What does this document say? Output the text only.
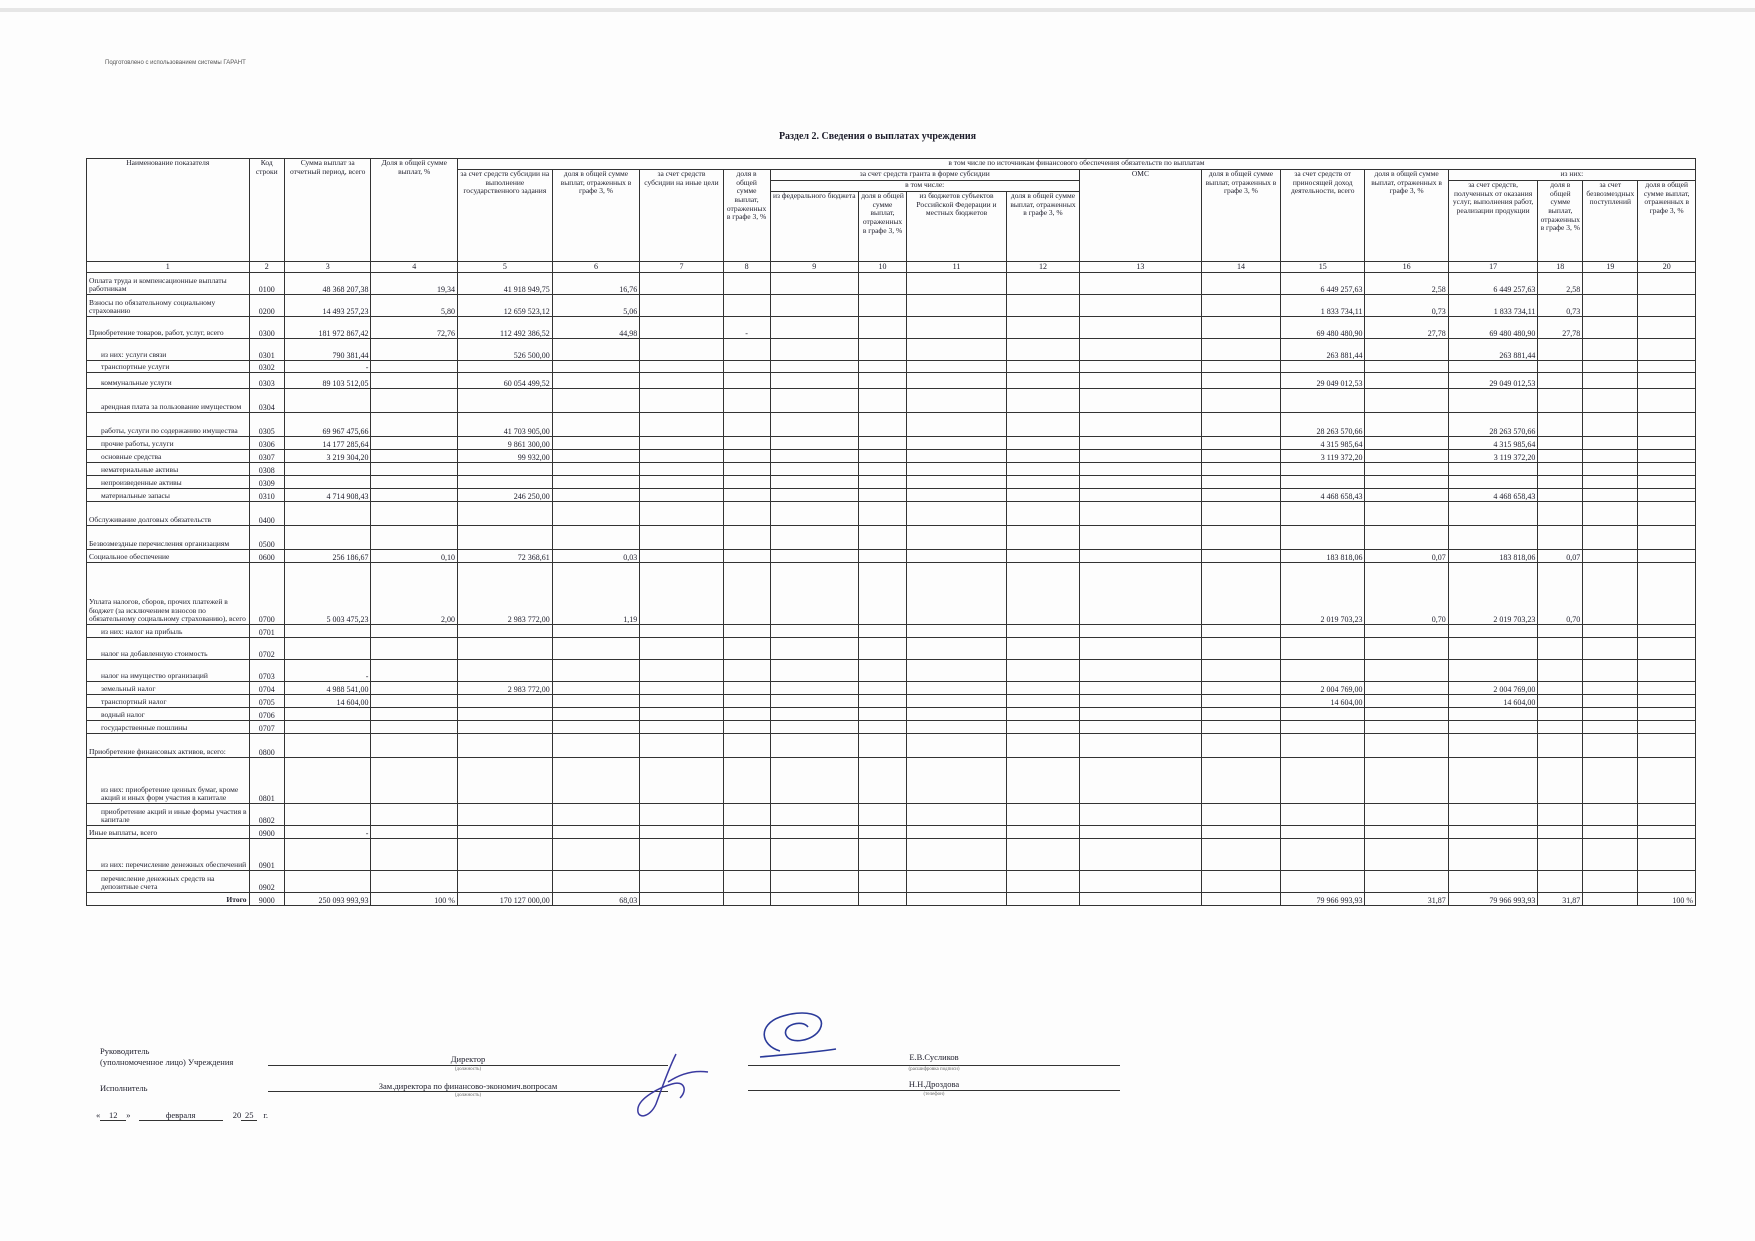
Подготовлено с использованием системы ГАРАНТ
Раздел 2. Сведения о выплатах учреждения
Наименование показателя	Код строки	Сумма выплат за отчетный период, всего	Доля в общей сумме выплат, %	в том числе по источникам финансового обеспечения обязательств по выплатам															
				за счет средств субсидии на выполнение государственного задания	доля в общей сумме выплат, отраженных в графе 3, %	за счет средств субсидии на иные цели	доля в общей сумме выплат, отраженных в графе 3, %	за счет средств гранта в форме субсидии				ОМС	доля в общей сумме выплат, отраженных в графе 3, %	за счет средств от приносящей доход деятельности, всего	доля в общей сумме выплат, отраженных в графе 3, %	из них:			
								в том числе:								за счет средств, полученных от оказания услуг, выполнения работ, реализации продукции	доля в общей сумме выплат, отраженных в графе 3, %	за счет безвозмездных поступлений	доля в общей сумме выплат, отраженных в графе 3, %
								из федерального бюджета	доля в общей сумме выплат, отраженных в графе 3, %	из бюджетов субъектов Российской Федерации и местных бюджетов	доля в общей сумме выплат, отраженных в графе 3, %								
1	2	3	4	5	6	7	8	9	10	11	12	13	14	15	16	17	18	19	20
Оплата труда и компенсационные выплаты работникам	0100	48 368 207,38	19,34	41 918 949,75	16,76									6 449 257,63	2,58	6 449 257,63	2,58		
Взносы по обязательному социальному страхованию	0200	14 493 257,23	5,80	12 659 523,12	5,06									1 833 734,11	0,73	1 833 734,11	0,73		
Приобретение товаров, работ, услуг, всего	0300	181 972 867,42	72,76	112 492 386,52	44,98		-							69 480 480,90	27,78	69 480 480,90	27,78		
из них: услуги связи	0301	790 381,44		526 500,00										263 881,44		263 881,44			
транспортные услуги	0302	-																	
коммунальные услуги	0303	89 103 512,05		60 054 499,52										29 049 012,53		29 049 012,53			
арендная плата за пользование имуществом	0304																		
работы, услуги по содержанию имущества	0305	69 967 475,66		41 703 905,00										28 263 570,66		28 263 570,66			
прочие работы, услуги	0306	14 177 285,64		9 861 300,00										4 315 985,64		4 315 985,64			
основные средства	0307	3 219 304,20		99 932,00										3 119 372,20		3 119 372,20			
нематериальные активы	0308																		
непроизведенные активы	0309																		
материальные запасы	0310	4 714 908,43		246 250,00										4 468 658,43		4 468 658,43			
Обслуживание долговых обязательств	0400																		
Безвозмездные перечисления организациям	0500																		
Социальное обеспечение	0600	256 186,67	0,10	72 368,61	0,03									183 818,06	0,07	183 818,06	0,07		
Уплата налогов, сборов, прочих платежей в бюджет (за исключением взносов по обязательному социальному страхованию), всего	0700	5 003 475,23	2,00	2 983 772,00	1,19									2 019 703,23	0,70	2 019 703,23	0,70		
из них: налог на прибыль	0701																		
налог на добавленную стоимость	0702																		
налог на имущество организаций	0703	-																	
земельный налог	0704	4 988 541,00		2 983 772,00										2 004 769,00		2 004 769,00			
транспортный налог	0705	14 604,00												14 604,00		14 604,00			
водный налог	0706																		
государственные пошлины	0707																		
Приобретение финансовых активов, всего:	0800																		
из них: приобретение ценных бумаг, кроме акций и иных форм участия в капитале	0801																		
приобретение акций и иные формы участия в капитале	0802																		
Иные выплаты, всего	0900	-																	
из них: перечисление денежных обеспечений	0901																		
перечисление денежных средств на депозитные счета	0902																		
Итого	9000	250 093 993,93	100 %	170 127 000,00	68,03									79 966 993,93	31,87	79 966 993,93	31,87		100 %
Руководитель
(уполномоченное лицо) Учреждения	Директор
(должность)
Е.В.Сусликов
(расшифровка подписи)
Исполнитель	Зам.директора по финансово-экономич.вопросам
(должность)
Н.Н.Дроздова
(телефон)
« 12 »	февраля	20 25 г.
